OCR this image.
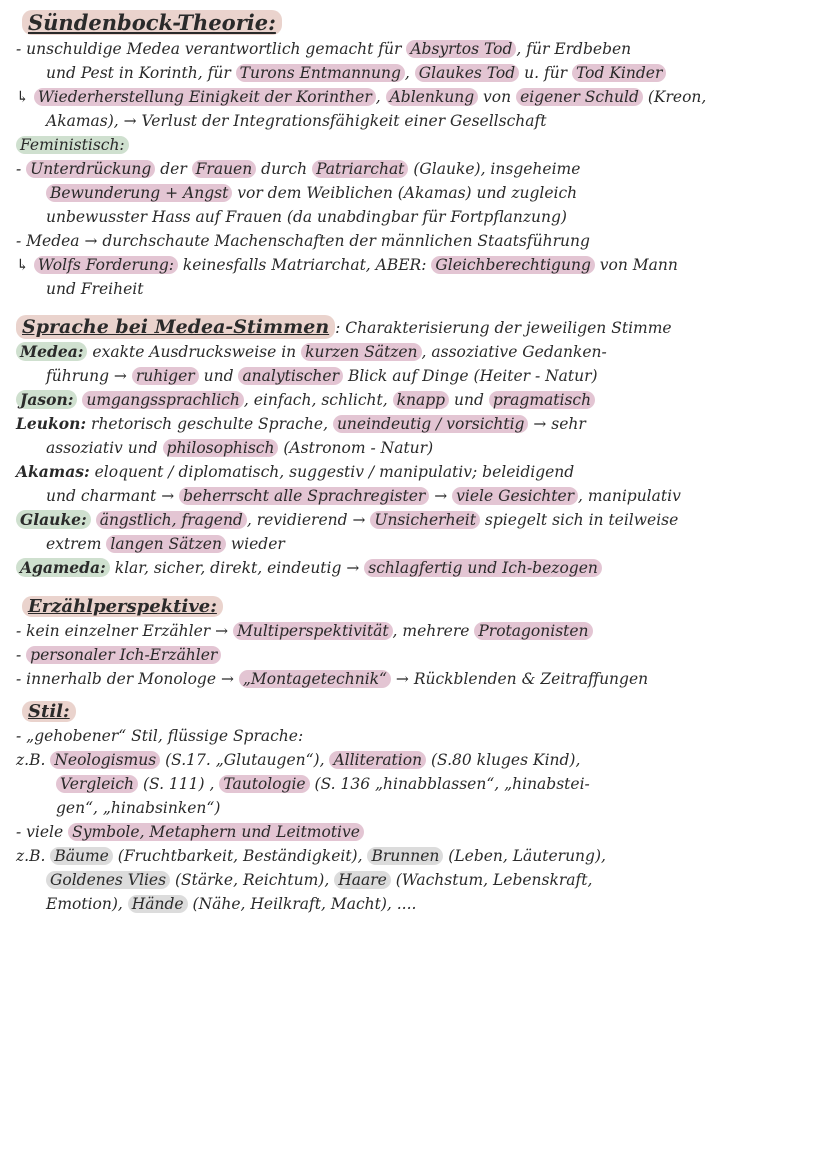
Sündenbock-Theorie:

- unschuldige Medea verantwortlich gemacht für Absyrtos Tod , für Erdbeben

und Pest in Korinth, für Turons Entmannung , Glaukes Tod u. für Tod Kinder

↳ Wiederherstellung Einigkeit der Korinther , Ablenkung von eigener Schuld (Kreon,

Akamas), → Verlust der Integrationsfähigkeit einer Gesellschaft

Feministisch:

- Unterdrückung der Frauen durch Patriarchat (Glauke), insgeheime

Bewunderung + Angst vor dem Weiblichen (Akamas) und zugleich

unbewusster Hass auf Frauen (da unabdingbar für Fortpflanzung)

- Medea → durchschaute Machenschaften der männlichen Staatsführung

↳ Wolfs Forderung: keinesfalls Matriarchat, ABER: Gleichberechtigung von Mann

und Freiheit

Sprache bei Medea-Stimmen : Charakterisierung der jeweiligen Stimme

Medea: exakte Ausdrucksweise in kurzen Sätzen , assoziative Gedanken-

führung → ruhiger und analytischer Blick auf Dinge (Heiter - Natur)

Jason: umgangssprachlich , einfach, schlicht, knapp und pragmatisch

Leukon: rhetorisch geschulte Sprache, uneindeutig / vorsichtig → sehr

assoziativ und philosophisch (Astronom - Natur)

Akamas: eloquent / diplomatisch, suggestiv / manipulativ; beleidigend

und charmant → beherrscht alle Sprachregister → viele Gesichter , manipulativ

Glauke: ängstlich, fragend , revidierend → Unsicherheit spiegelt sich in teilweise

extrem langen Sätzen wieder

Agameda: klar, sicher, direkt, eindeutig → schlagfertig und Ich-bezogen

Erzählperspektive:

- kein einzelner Erzähler → Multiperspektivität , mehrere Protagonisten

- personaler Ich-Erzähler

- innerhalb der Monologe → „Montagetechnik“ → Rückblenden & Zeitraffungen

Stil:

- „gehobener“ Stil, flüssige Sprache:

z.B. Neologismus (S.17. „Glutaugen“), Alliteration (S.80 kluges Kind),

Vergleich (S. 111) , Tautologie (S. 136 „hinabblassen“, „hinabstei-

gen“, „hinabsinken“)

- viele Symbole, Metaphern und Leitmotive

z.B. Bäume (Fruchtbarkeit, Beständigkeit), Brunnen (Leben, Läuterung),

Goldenes Vlies (Stärke, Reichtum), Haare (Wachstum, Lebenskraft,

Emotion), Hände (Nähe, Heilkraft, Macht), ....
